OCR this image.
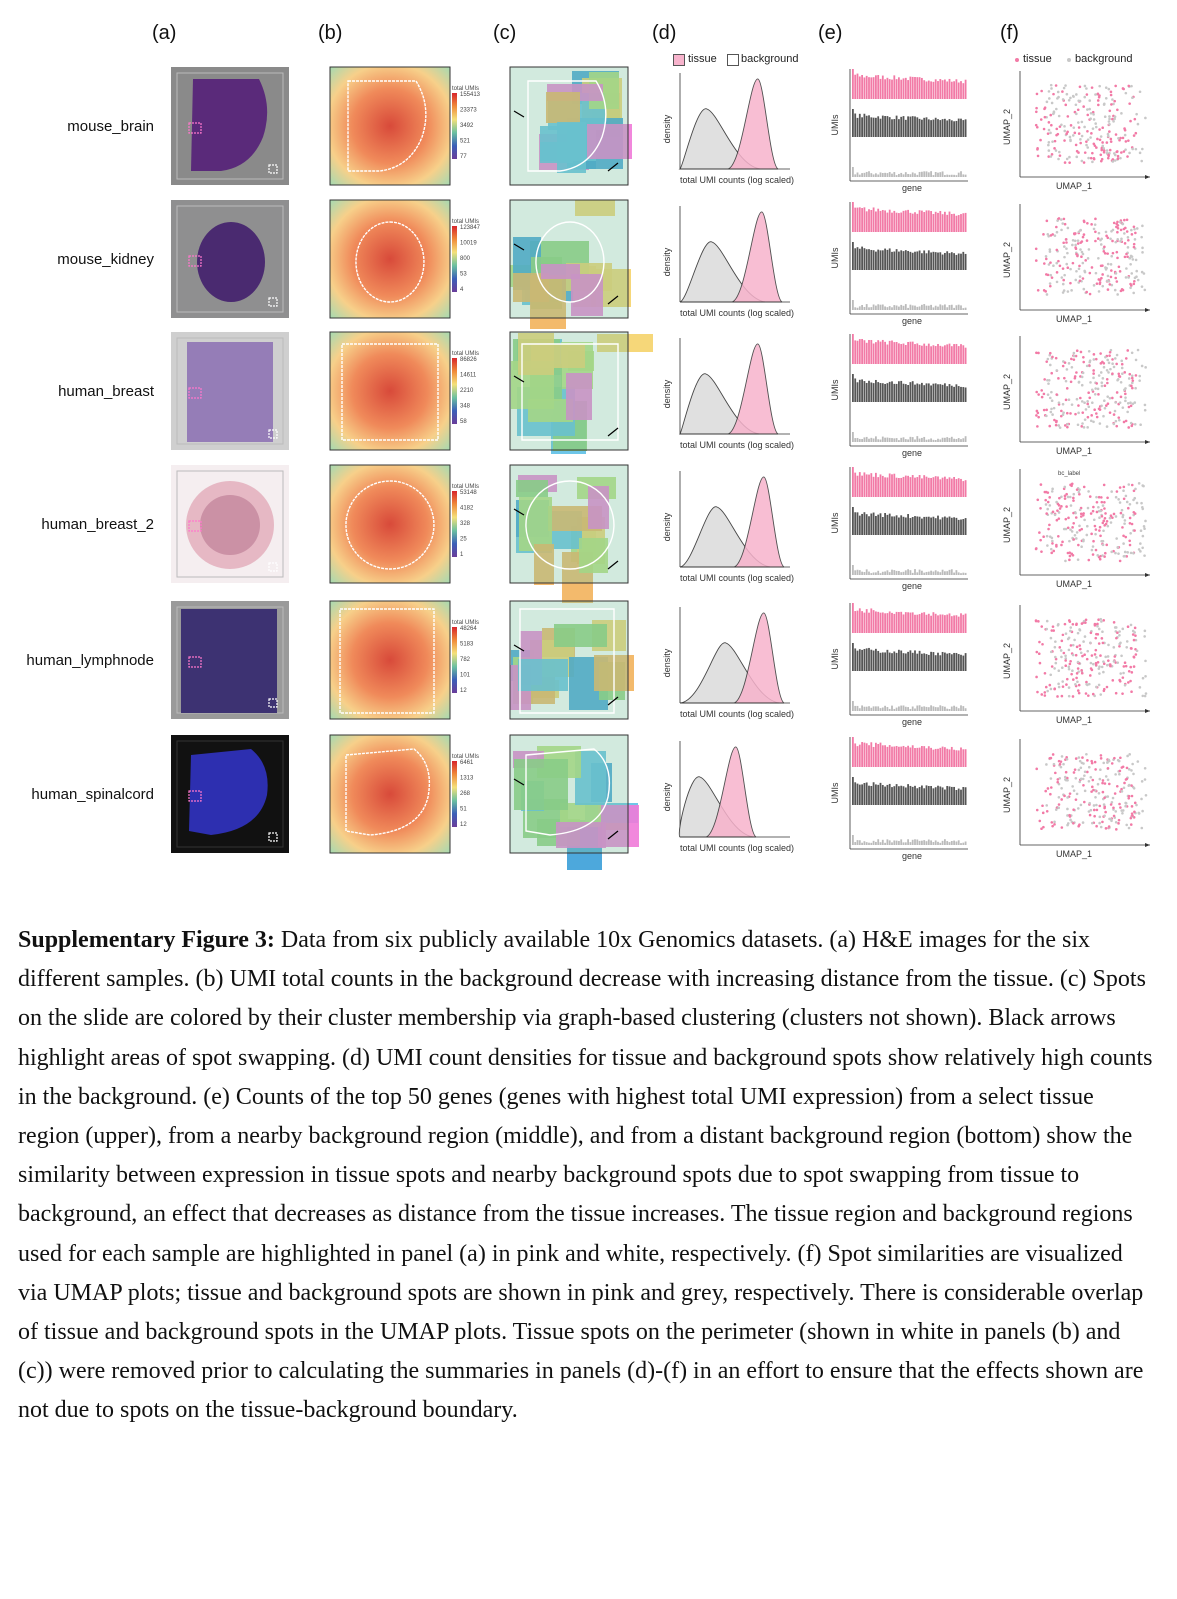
(a)	(b)	(c)	(d)	(e)	(f)
tissue background	tissue background
mouse_brain
total UMIs
155413
23373
3492
521
77
total UMI counts (log scaled)
density
gene
UMIs
UMAP_1
UMAP_2
mouse_kidney
total UMIs
123847
10019
800
53
4
total UMI counts (log scaled)
density
gene
UMIs
UMAP_1
UMAP_2
human_breast
total UMIs
86826
14611
2210
348
58
total UMI counts (log scaled)
density
gene
UMIs
UMAP_1
UMAP_2
human_breast_2
total UMIs
53148
4182
328
25
1
total UMI counts (log scaled)
density
gene
UMIs
UMAP_1
UMAP_2
bc_label
human_lymphnode
total UMIs
48264
5183
782
101
12
total UMI counts (log scaled)
density
gene
UMIs
UMAP_1
UMAP_2
human_spinalcord
total UMIs
6461
1313
268
51
12
total UMI counts (log scaled)
density
gene
UMIs
UMAP_1
UMAP_2
Supplementary Figure 3: Data from six publicly available 10x Genomics datasets. (a) H&E images for the six different samples. (b) UMI total counts in the background decrease with increasing distance from the tissue. (c) Spots on the slide are colored by their cluster membership via graph-based clustering (clusters not shown). Black arrows highlight areas of spot swapping. (d) UMI count densities for tissue and background spots show relatively high counts in the background. (e) Counts of the top 50 genes (genes with highest total UMI expression) from a select tissue region (upper), from a nearby background region (middle), and from a distant background region (bottom) show the similarity between expression in tissue spots and nearby background spots due to spot swapping from tissue to background, an effect that decreases as distance from the tissue increases. The tissue region and background regions used for each sample are highlighted in panel (a) in pink and white, respectively. (f) Spot similarities are visualized via UMAP plots; tissue and background spots are shown in pink and grey, respectively. There is considerable overlap of tissue and background spots in the UMAP plots. Tissue spots on the perimeter (shown in white in panels (b) and (c)) were removed prior to calculating the summaries in panels (d)-(f) in an effort to ensure that the effects shown are not due to spots on the tissue-background boundary.
